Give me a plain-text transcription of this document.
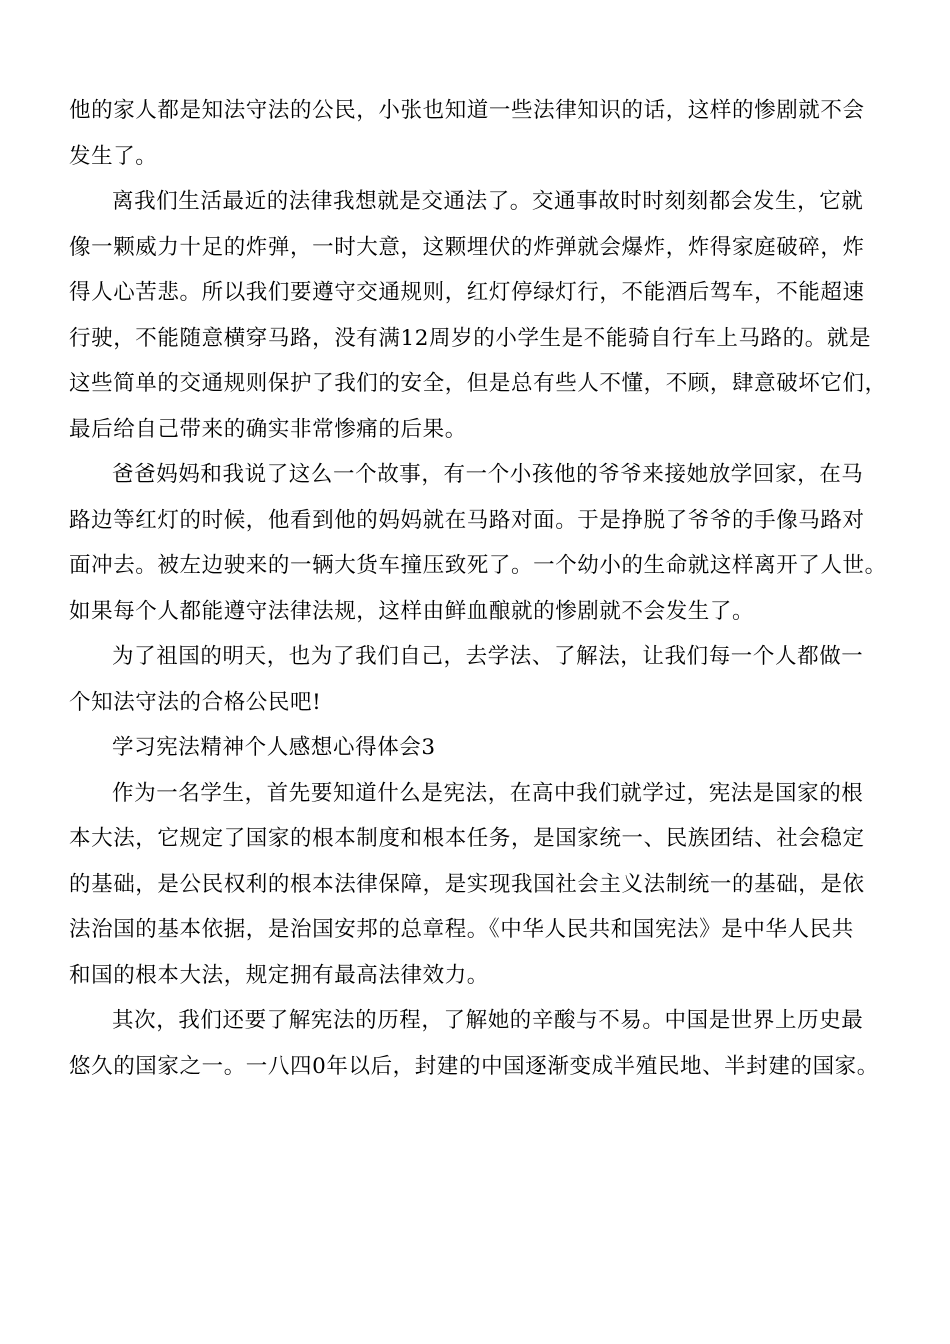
他的家人都是知法守法的公民，小张也知道一些法律知识的话，这样的惨剧就不会
发生了。

离我们生活最近的法律我想就是交通法了。交通事故时时刻刻都会发生，它就
像一颗威力十足的炸弹，一时大意，这颗埋伏的炸弹就会爆炸，炸得家庭破碎，炸
得人心苦悲。所以我们要遵守交通规则，红灯停绿灯行，不能酒后驾车，不能超速
行驶，不能随意横穿马路，没有满12周岁的小学生是不能骑自行车上马路的。就是
这些简单的交通规则保护了我们的安全，但是总有些人不懂，不顾，肆意破坏它们，
最后给自己带来的确实非常惨痛的后果。

爸爸妈妈和我说了这么一个故事，有一个小孩他的爷爷来接她放学回家，在马
路边等红灯的时候，他看到他的妈妈就在马路对面。于是挣脱了爷爷的手像马路对
面冲去。被左边驶来的一辆大货车撞压致死了。一个幼小的生命就这样离开了人世。
如果每个人都能遵守法律法规，这样由鲜血酿就的惨剧就不会发生了。

为了祖国的明天，也为了我们自己，去学法、了解法，让我们每一个人都做一
个知法守法的合格公民吧!

学习宪法精神个人感想心得体会3

作为一名学生，首先要知道什么是宪法，在高中我们就学过，宪法是国家的根
本大法，它规定了国家的根本制度和根本任务，是国家统一、民族团结、社会稳定
的基础，是公民权利的根本法律保障，是实现我国社会主义法制统一的基础，是依
法治国的基本依据，是治国安邦的总章程。《中华人民共和国宪法》是中华人民共
和国的根本大法，规定拥有最高法律效力。

其次，我们还要了解宪法的历程，了解她的辛酸与不易。中国是世界上历史最
悠久的国家之一。一八四0年以后，封建的中国逐渐变成半殖民地、半封建的国家。
